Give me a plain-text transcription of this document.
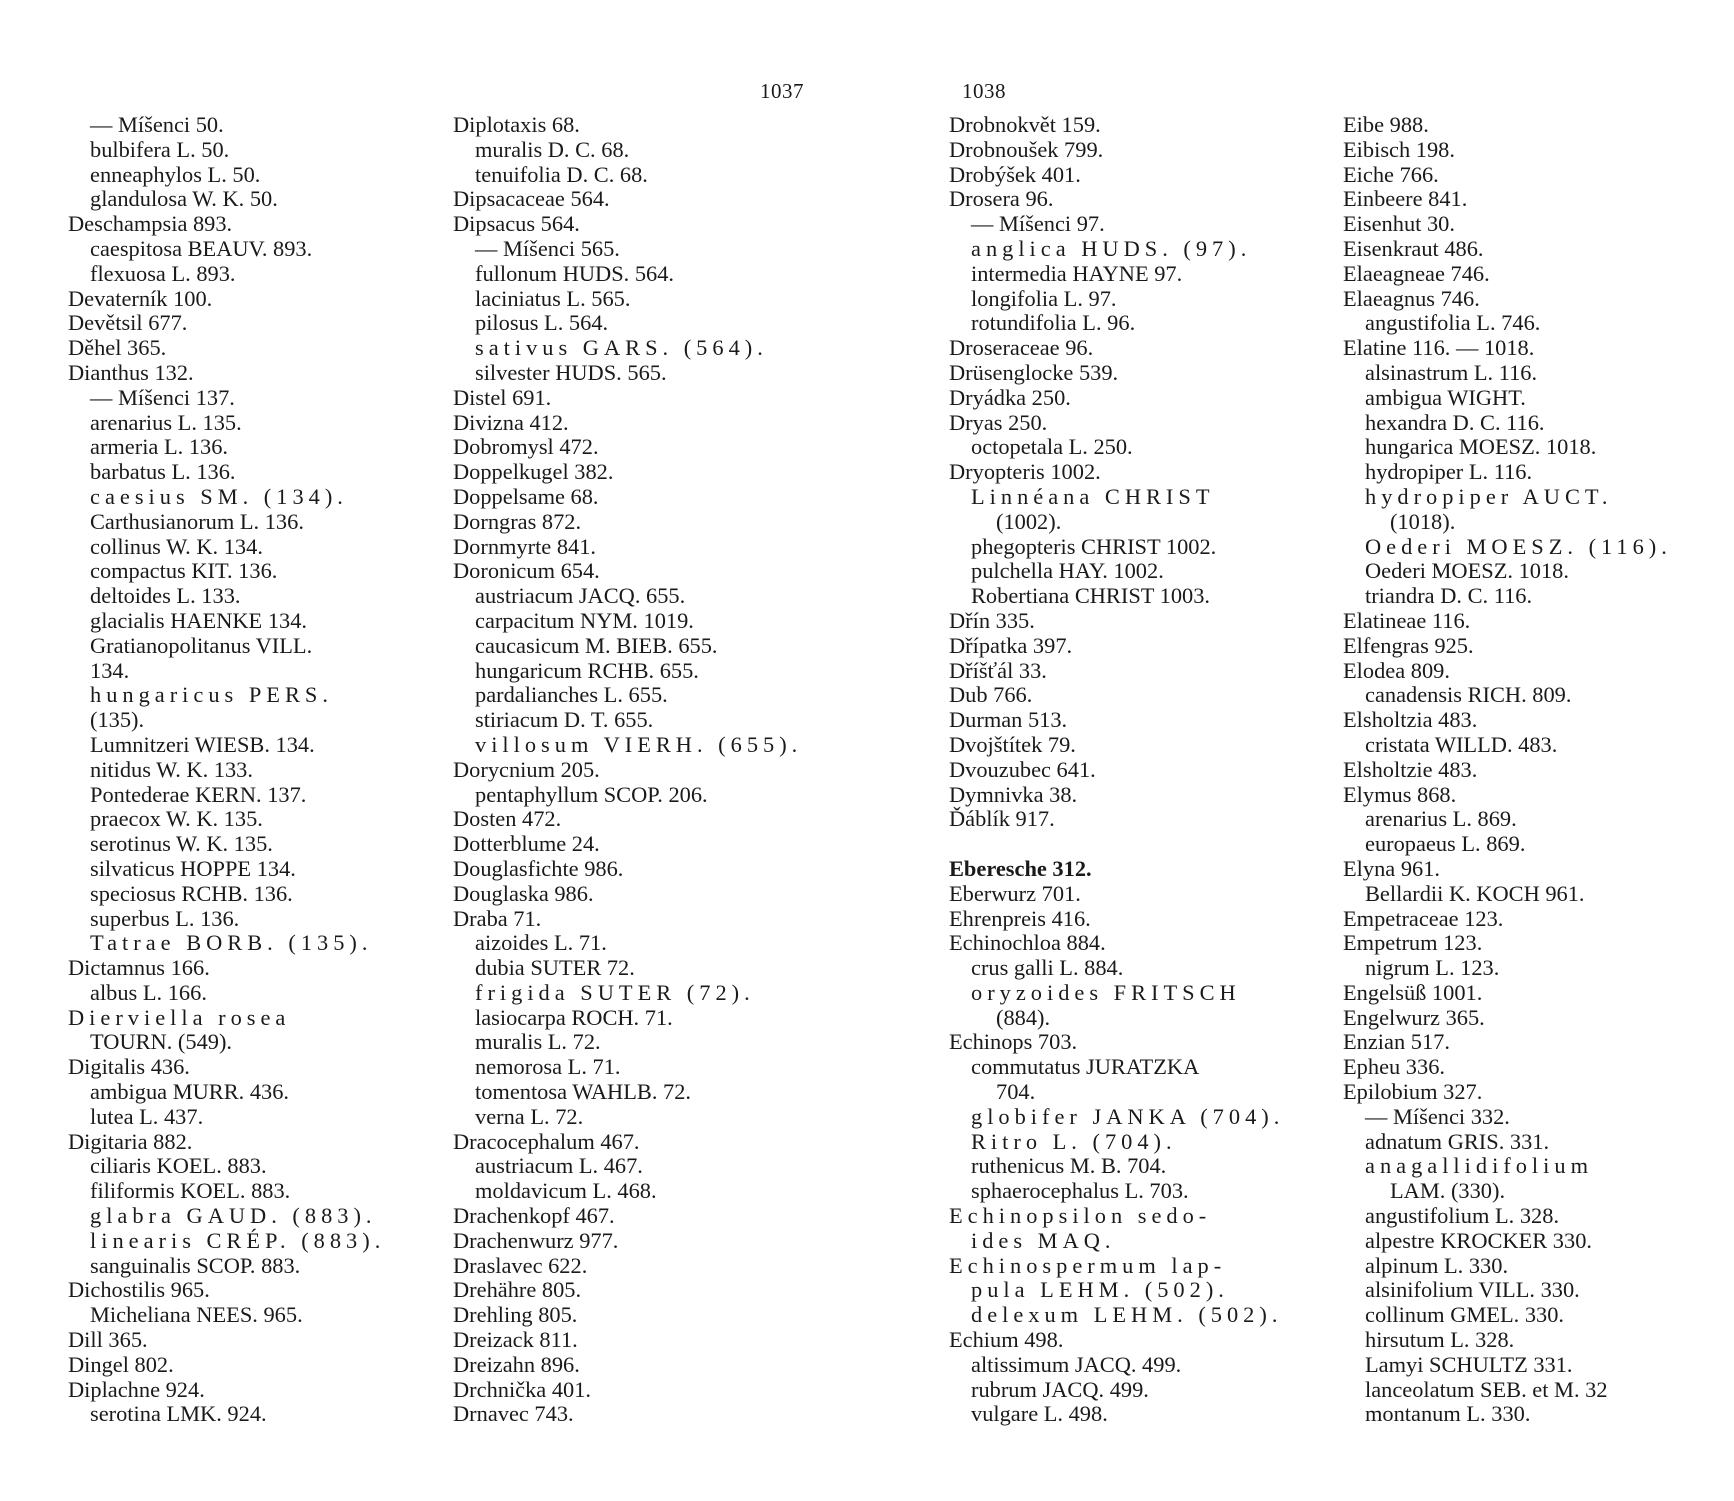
1037
— Míšenci 50.
bulbifera L. 50.
enneaphylos L. 50.
glandulosa W. K. 50.
Deschampsia 893.
caespitosa BEAUV. 893.
flexuosa L. 893.
Devaterník 100.
Devětsil 677.
Děhel 365.
Dianthus 132.
— Míšenci 137.
arenarius L. 135.
armeria L. 136.
barbatus L. 136.
caesius SM. (134).
Carthusianorum L. 136.
collinus W. K. 134.
compactus KIT. 136.
deltoides L. 133.
glacialis HAENKE 134.
Gratianopolitanus VILL.
134.
hungaricus PERS.
(135).
Lumnitzeri WIESB. 134.
nitidus W. K. 133.
Pontederae KERN. 137.
praecox W. K. 135.
serotinus W. K. 135.
silvaticus HOPPE 134.
speciosus RCHB. 136.
superbus L. 136.
Tatrae BORB. (135).
Dictamnus 166.
albus L. 166.
Dierviella rosea
TOURN. (549).
Digitalis 436.
ambigua MURR. 436.
lutea L. 437.
Digitaria 882.
ciliaris KOEL. 883.
filiformis KOEL. 883.
glabra GAUD. (883).
linearis CRÉP. (883).
sanguinalis SCOP. 883.
Dichostilis 965.
Micheliana NEES. 965.
Dill 365.
Dingel 802.
Diplachne 924.
serotina LMK. 924.
Diplotaxis 68.
muralis D. C. 68.
tenuifolia D. C. 68.
Dipsacaceae 564.
Dipsacus 564.
— Míšenci 565.
fullonum HUDS. 564.
laciniatus L. 565.
pilosus L. 564.
sativus GARS. (564).
silvester HUDS. 565.
Distel 691.
Divizna 412.
Dobromysl 472.
Doppelkugel 382.
Doppelsame 68.
Dorngras 872.
Dornmyrte 841.
Doronicum 654.
austriacum JACQ. 655.
carpacitum NYM. 1019.
caucasicum M. BIEB. 655.
hungaricum RCHB. 655.
pardalianches L. 655.
stiriacum D. T. 655.
villosum VIERH. (655).
Dorycnium 205.
pentaphyllum SCOP. 206.
Dosten 472.
Dotterblume 24.
Douglasfichte 986.
Douglaska 986.
Draba 71.
aizoides L. 71.
dubia SUTER 72.
frigida SUTER (72).
lasiocarpa ROCH. 71.
muralis L. 72.
nemorosa L. 71.
tomentosa WAHLB. 72.
verna L. 72.
Dracocephalum 467.
austriacum L. 467.
moldavicum L. 468.
Drachenkopf 467.
Drachenwurz 977.
Draslavec 622.
Drehähre 805.
Drehling 805.
Dreizack 811.
Dreizahn 896.
Drchnička 401.
Drnavec 743.
1038
Drobnokvět 159.
Drobnoušek 799.
Drobýšek 401.
Drosera 96.
— Míšenci 97.
anglica HUDS. (97).
intermedia HAYNE 97.
longifolia L. 97.
rotundifolia L. 96.
Droseraceae 96.
Drüsenglocke 539.
Dryádka 250.
Dryas 250.
octopetala L. 250.
Dryopteris 1002.
Linnéana CHRIST
(1002).
phegopteris CHRIST 1002.
pulchella HAY. 1002.
Robertiana CHRIST 1003.
Dřín 335.
Dřípatka 397.
Dříšťál 33.
Dub 766.
Durman 513.
Dvojštítek 79.
Dvouzubec 641.
Dymnivka 38.
Ďáblík 917.
Eberesche 312.
Eberwurz 701.
Ehrenpreis 416.
Echinochloa 884.
crus galli L. 884.
oryzoides FRITSCH
(884).
Echinops 703.
commutatus JURATZKA
704.
globifer JANKA (704).
Ritro L. (704).
ruthenicus M. B. 704.
sphaerocephalus L. 703.
Echinopsilon sedo-
ides MAQ.
Echinospermum lap-
pula LEHM. (502).
delexum LEHM. (502).
Echium 498.
altissimum JACQ. 499.
rubrum JACQ. 499.
vulgare L. 498.
Eibe 988.
Eibisch 198.
Eiche 766.
Einbeere 841.
Eisenhut 30.
Eisenkraut 486.
Elaeagneae 746.
Elaeagnus 746.
angustifolia L. 746.
Elatine 116. — 1018.
alsinastrum L. 116.
ambigua WIGHT.
hexandra D. C. 116.
hungarica MOESZ. 1018.
hydropiper L. 116.
hydropiper AUCT.
(1018).
Oederi MOESZ. (116).
Oederi MOESZ. 1018.
triandra D. C. 116.
Elatineae 116.
Elfengras 925.
Elodea 809.
canadensis RICH. 809.
Elsholtzia 483.
cristata WILLD. 483.
Elsholtzie 483.
Elymus 868.
arenarius L. 869.
europaeus L. 869.
Elyna 961.
Bellardii K. KOCH 961.
Empetraceae 123.
Empetrum 123.
nigrum L. 123.
Engelsüß 1001.
Engelwurz 365.
Enzian 517.
Epheu 336.
Epilobium 327.
— Míšenci 332.
adnatum GRIS. 331.
anagallidifolium
LAM. (330).
angustifolium L. 328.
alpestre KROCKER 330.
alpinum L. 330.
alsinifolium VILL. 330.
collinum GMEL. 330.
hirsutum L. 328.
Lamyi SCHULTZ 331.
lanceolatum SEB. et M. 32
montanum L. 330.
